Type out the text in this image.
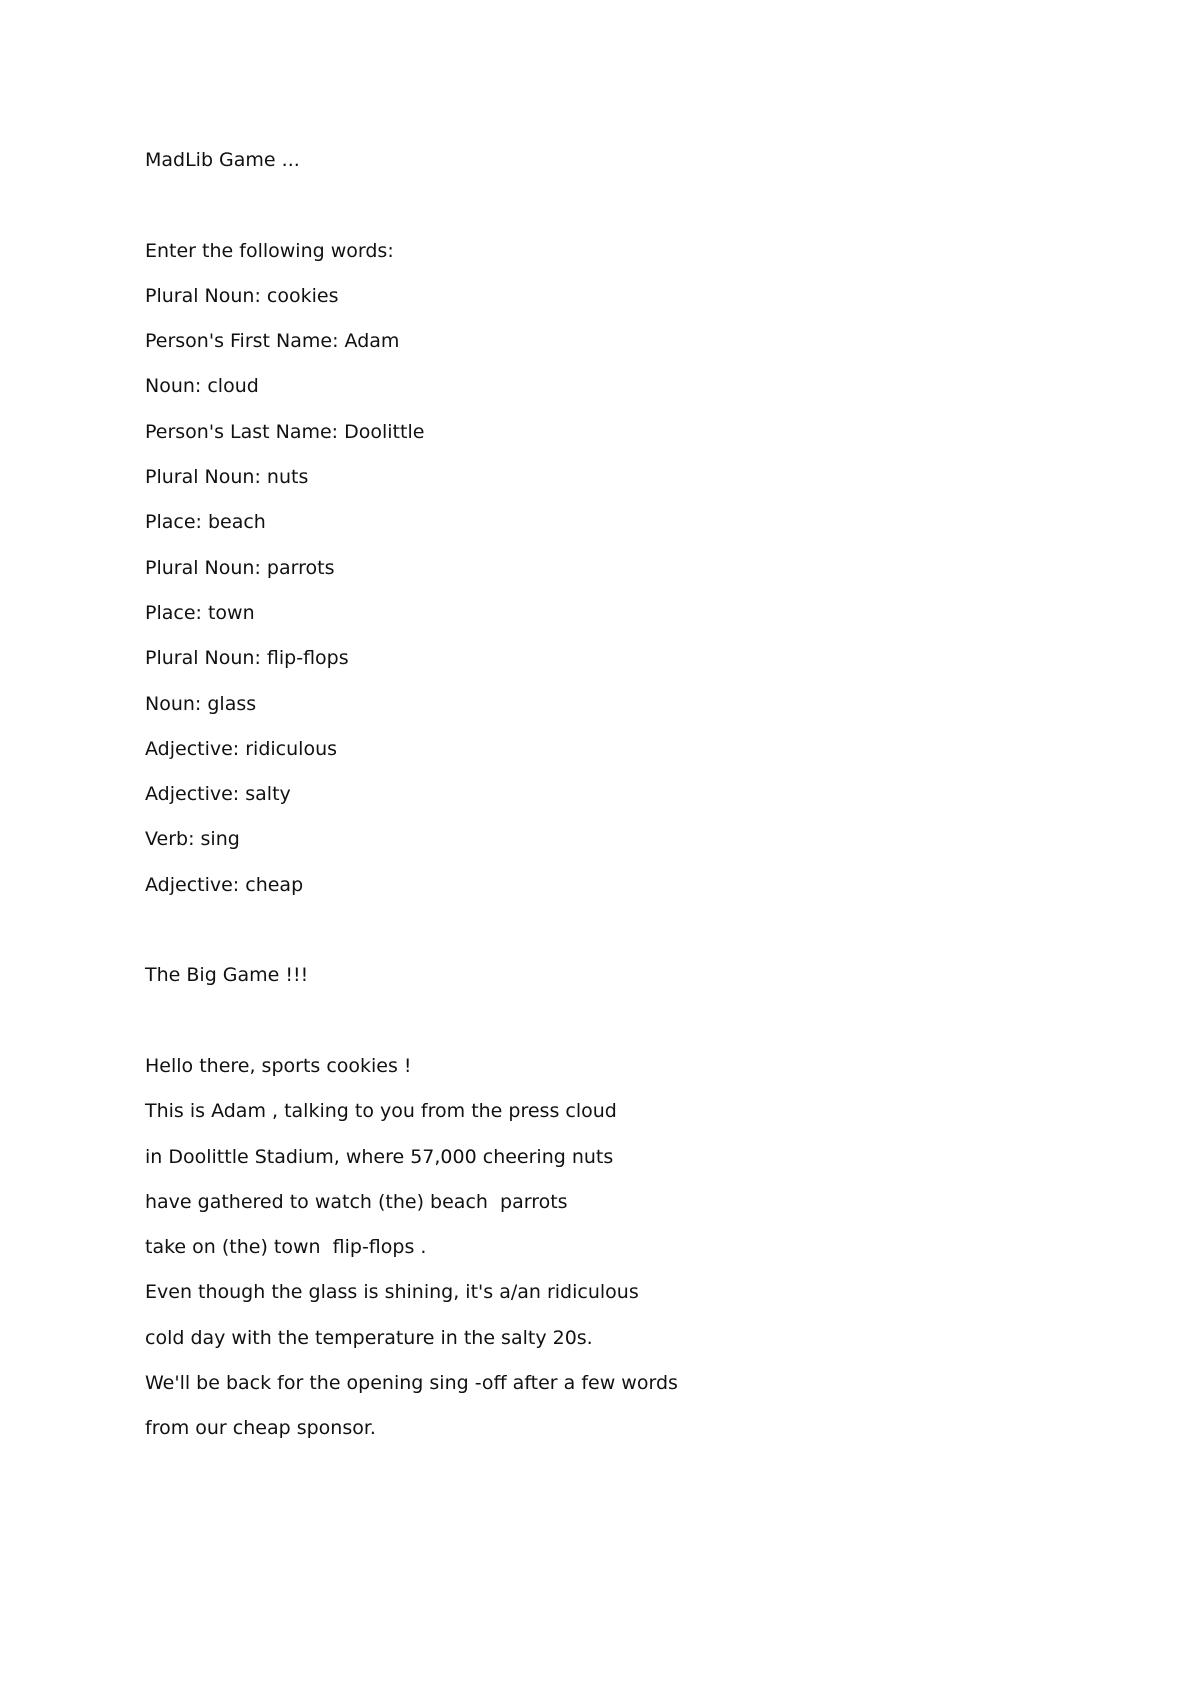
MadLib Game ...
Enter the following words:
Plural Noun: cookies
Person's First Name: Adam
Noun: cloud
Person's Last Name: Doolittle
Plural Noun: nuts
Place: beach
Plural Noun: parrots
Place: town
Plural Noun: flip-flops
Noun: glass
Adjective: ridiculous
Adjective: salty
Verb: sing
Adjective: cheap
The Big Game !!!
Hello there, sports cookies !
This is Adam , talking to you from the press cloud
in Doolittle Stadium, where 57,000 cheering nuts
have gathered to watch (the) beach  parrots
take on (the) town  flip-flops .
Even though the glass is shining, it's a/an ridiculous
cold day with the temperature in the salty 20s.
We'll be back for the opening sing -off after a few words
from our cheap sponsor.
